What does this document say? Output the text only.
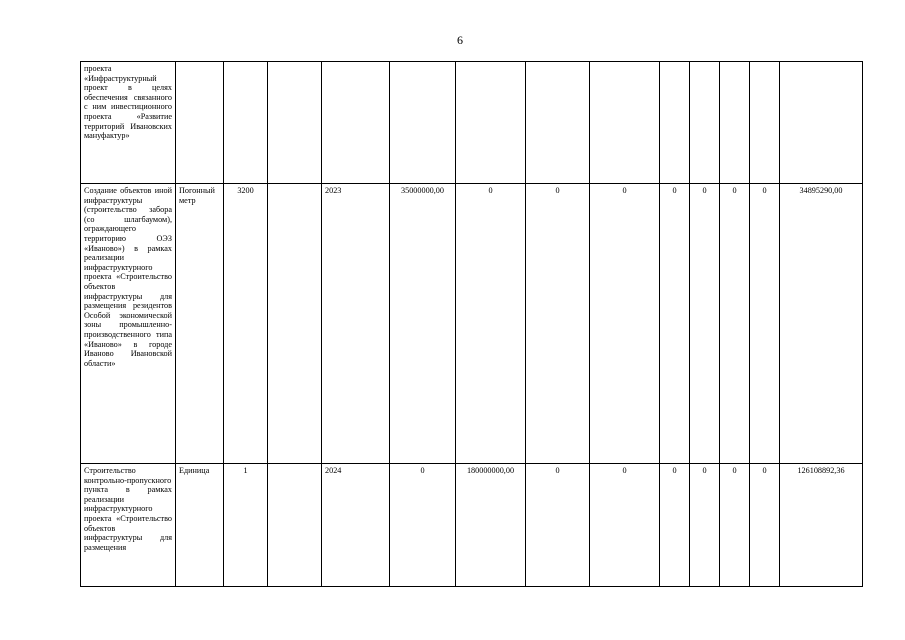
6
проекта «Инфраструктурный проект в целях обеспечения связанного с ним инвестиционного проекта «Развитие территорий Ивановских мануфактур»													
Создание объектов иной инфраструктуры (строительство забора (со шлагбаумом), ограждающего территорию ОЭЗ «Иваново») в рамках реализации инфраструктурного проекта «Строительство объектов инфраструктуры для размещения резидентов Особой экономической зоны промышленно-производственного типа «Иваново» в городе Иваново Ивановской области»	Погонный метр	3200		2023	35000000,00	0	0	0	0	0	0	0	34895290,00
Строительство контрольно-пропускного пункта в рамках реализации инфраструктурного проекта «Строительство объектов инфраструктуры для размещения	Единица	1		2024	0	180000000,00	0	0	0	0	0	0	126108892,36
